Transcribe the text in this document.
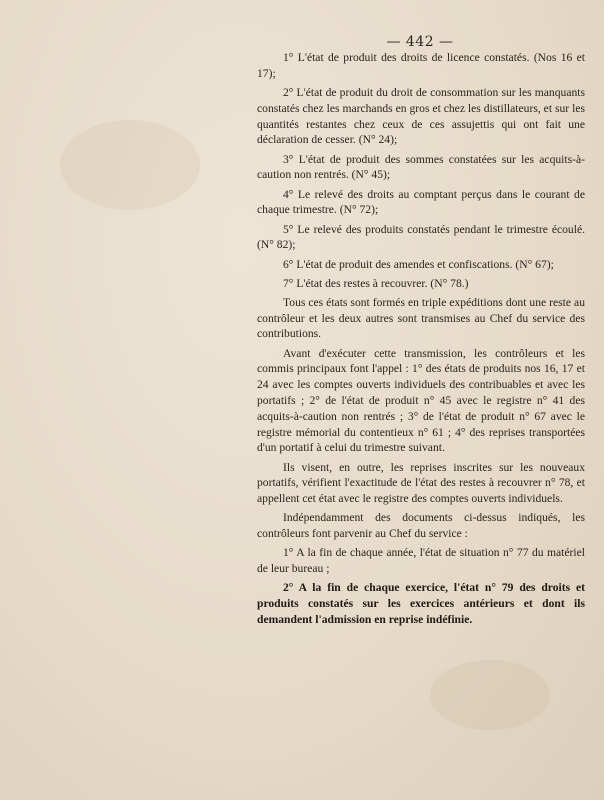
— 442 —

1° L'état de produit des droits de licence constatés. (Nos 16 et 17);

2° L'état de produit du droit de consommation sur les manquants constatés chez les marchands en gros et chez les distillateurs, et sur les quantités restantes chez ceux de ces assujettis qui ont fait une déclaration de cesser. (N° 24);

3° L'état de produit des sommes constatées sur les acquits-à-caution non rentrés. (N° 45);

4° Le relevé des droits au comptant perçus dans le courant de chaque trimestre. (N° 72);

5° Le relevé des produits constatés pendant le trimestre écoulé. (N° 82);

6° L'état de produit des amendes et confiscations. (N° 67);

7° L'état des restes à recouvrer. (N° 78.)

Tous ces états sont formés en triple expéditions dont une reste au contrôleur et les deux autres sont transmises au Chef du service des contributions.

Avant d'exécuter cette transmission, les contrôleurs et les commis principaux font l'appel : 1° des états de produits nos 16, 17 et 24 avec les comptes ouverts individuels des contribuables et avec les portatifs ; 2° de l'état de produit n° 45 avec le registre n° 41 des acquits-à-caution non rentrés ; 3° de l'état de produit n° 67 avec le registre mémorial du contentieux n° 61 ; 4° des reprises transportées d'un portatif à celui du trimestre suivant.

Ils visent, en outre, les reprises inscrites sur les nouveaux portatifs, vérifient l'exactitude de l'état des restes à recouvrer n° 78, et appellent cet état avec le registre des comptes ouverts individuels.

Indépendamment des documents ci-dessus indiqués, les contrôleurs font parvenir au Chef du service :

1° A la fin de chaque année, l'état de situation n° 77 du matériel de leur bureau ;

2° A la fin de chaque exercice, l'état n° 79 des droits et produits constatés sur les exercices antérieurs et dont ils demandent l'admission en reprise indéfinie.
